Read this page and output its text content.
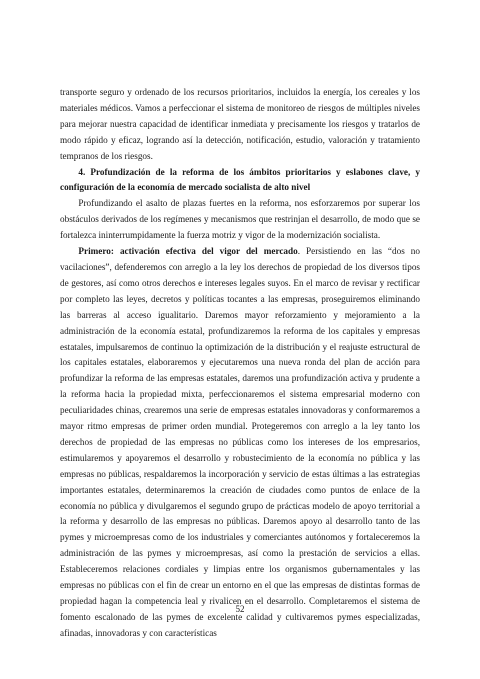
transporte seguro y ordenado de los recursos prioritarios, incluidos la energía, los cereales y los materiales médicos. Vamos a perfeccionar el sistema de monitoreo de riesgos de múltiples niveles para mejorar nuestra capacidad de identificar inmediata y precisamente los riesgos y tratarlos de modo rápido y eficaz, logrando así la detección, notificación, estudio, valoración y tratamiento tempranos de los riesgos.

4. Profundización de la reforma de los ámbitos prioritarios y eslabones clave, y configuración de la economía de mercado socialista de alto nivel

Profundizando el asalto de plazas fuertes en la reforma, nos esforzaremos por superar los obstáculos derivados de los regímenes y mecanismos que restrinjan el desarrollo, de modo que se fortalezca ininterrumpidamente la fuerza motriz y vigor de la modernización socialista.

Primero: activación efectiva del vigor del mercado. Persistiendo en las “dos no vacilaciones”, defenderemos con arreglo a la ley los derechos de propiedad de los diversos tipos de gestores, así como otros derechos e intereses legales suyos. En el marco de revisar y rectificar por completo las leyes, decretos y políticas tocantes a las empresas, proseguiremos eliminando las barreras al acceso igualitario. Daremos mayor reforzamiento y mejoramiento a la administración de la economía estatal, profundizaremos la reforma de los capitales y empresas estatales, impulsaremos de continuo la optimización de la distribución y el reajuste estructural de los capitales estatales, elaboraremos y ejecutaremos una nueva ronda del plan de acción para profundizar la reforma de las empresas estatales, daremos una profundización activa y prudente a la reforma hacia la propiedad mixta, perfeccionaremos el sistema empresarial moderno con peculiaridades chinas, crearemos una serie de empresas estatales innovadoras y conformaremos a mayor ritmo empresas de primer orden mundial. Protegeremos con arreglo a la ley tanto los derechos de propiedad de las empresas no públicas como los intereses de los empresarios, estimularemos y apoyaremos el desarrollo y robustecimiento de la economía no pública y las empresas no públicas, respaldaremos la incorporación y servicio de estas últimas a las estrategias importantes estatales, determinaremos la creación de ciudades como puntos de enlace de la economía no pública y divulgaremos el segundo grupo de prácticas modelo de apoyo territorial a la reforma y desarrollo de las empresas no públicas. Daremos apoyo al desarrollo tanto de las pymes y microempresas como de los industriales y comerciantes autónomos y fortaleceremos la administración de las pymes y microempresas, así como la prestación de servicios a ellas. Estableceremos relaciones cordiales y limpias entre los organismos gubernamentales y las empresas no públicas con el fin de crear un entorno en el que las empresas de distintas formas de propiedad hagan la competencia leal y rivalicen en el desarrollo. Completaremos el sistema de fomento escalonado de las pymes de excelente calidad y cultivaremos pymes especializadas, afinadas, innovadoras y con características

52
